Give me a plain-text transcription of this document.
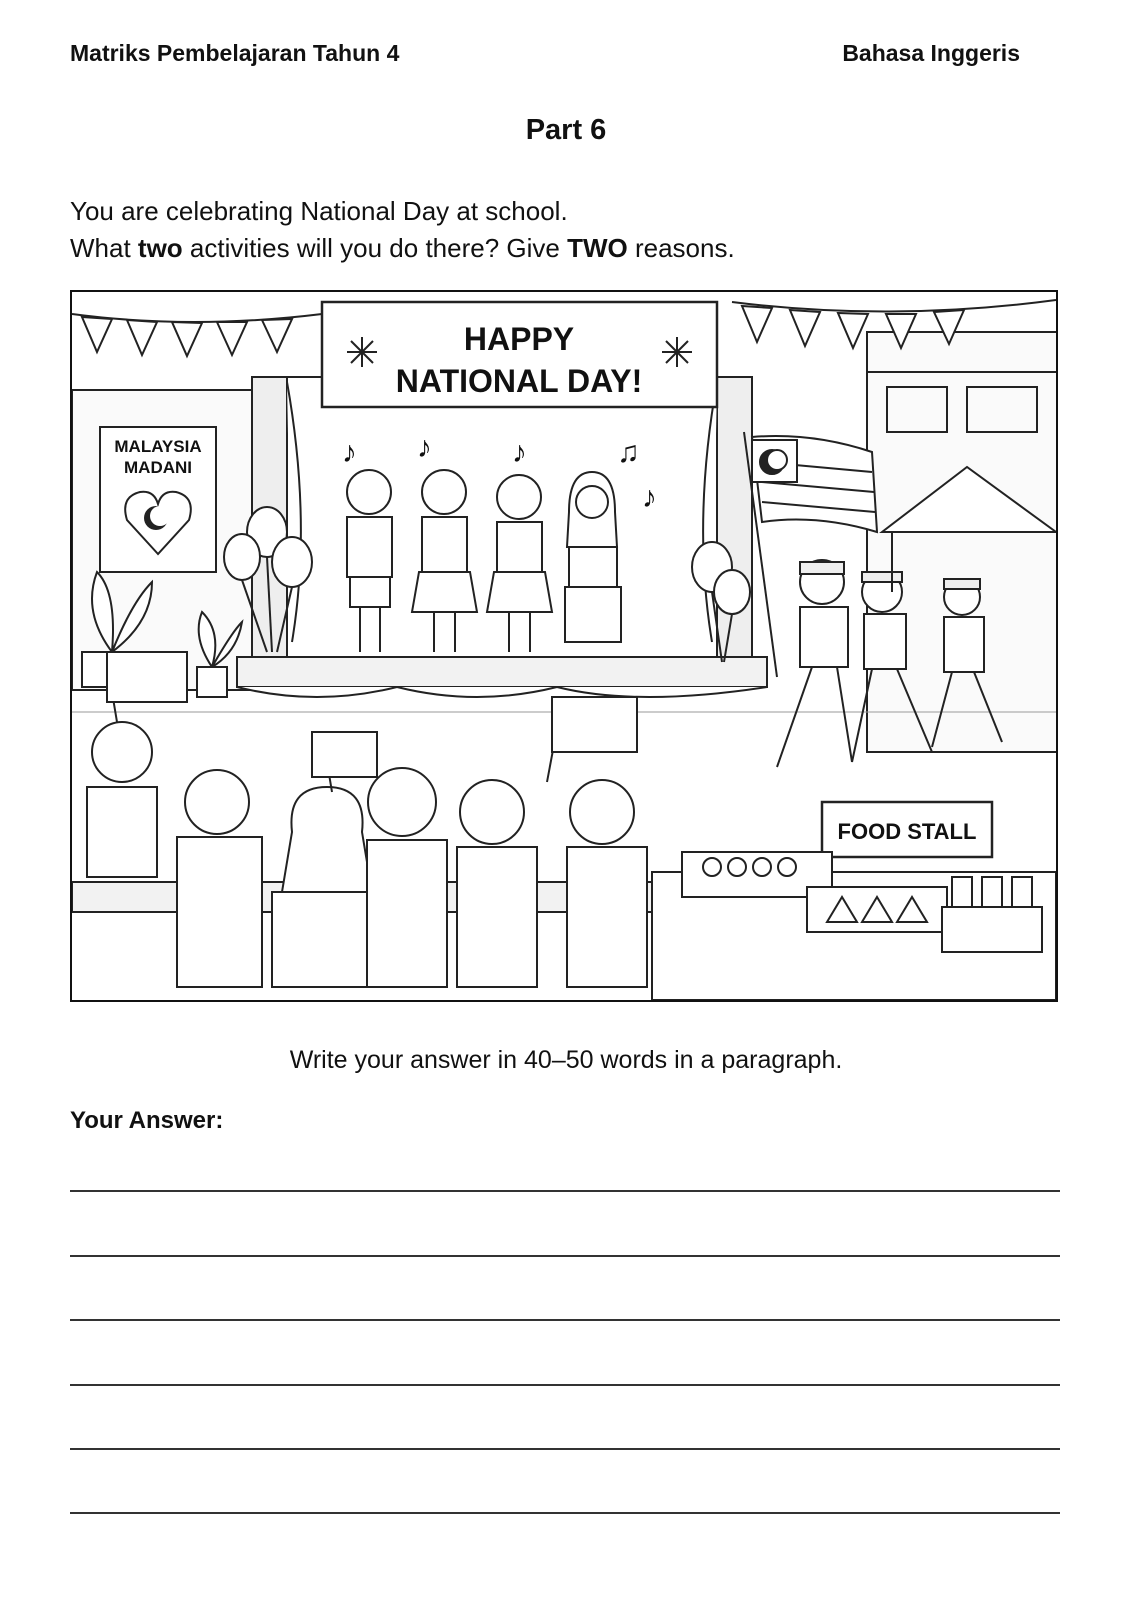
Matriks Pembelajaran Tahun 4	Bahasa Inggeris
Part 6
You are celebrating National Day at school.
What two activities will you do there? Give TWO reasons.
HAPPY
NATIONAL DAY!
♪ ♪	♪	♫
♪
MALAYSIA
MADANI
FOOD STALL
Write your answer in 40–50 words in a paragraph.
Your Answer:
